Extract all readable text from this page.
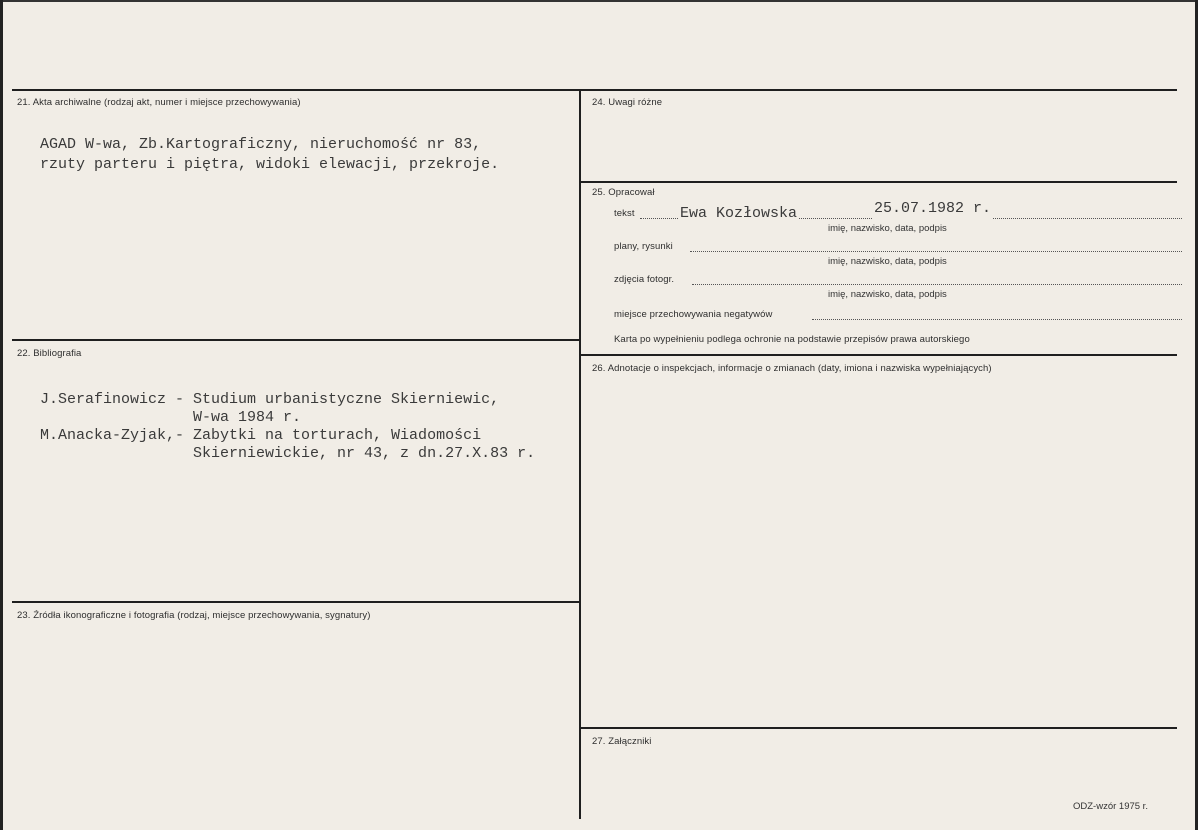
21. Akta archiwalne (rodzaj akt, numer i miejsce przechowywania)
AGAD W-wa, Zb.Kartograficzny, nieruchomość nr 83,
rzuty parteru i piętra, widoki elewacji, przekroje.
22. Bibliografia
J.Serafinowicz - Studium urbanistyczne Skierniewic,
W-wa 1984 r.
M.Anacka-Zyjak,- Zabytki na torturach, Wiadomości
Skierniewickie, nr 43, z dn.27.X.83 r.
23. Źródła ikonograficzne i fotografia (rodzaj, miejsce przechowywania, sygnatury)
24. Uwagi różne
25. Opracował
tekst	Ewa Kozłowska	25.07.1982 r.
imię, nazwisko, data, podpis
plany, rysunki
imię, nazwisko, data, podpis
zdjęcia fotogr.
imię, nazwisko, data, podpis
miejsce przechowywania negatywów
Karta po wypełnieniu podlega ochronie na podstawie przepisów prawa autorskiego
26. Adnotacje o inspekcjach, informacje o zmianach (daty, imiona i nazwiska wypełniających)
27. Załączniki
ODZ-wzór 1975 r.
